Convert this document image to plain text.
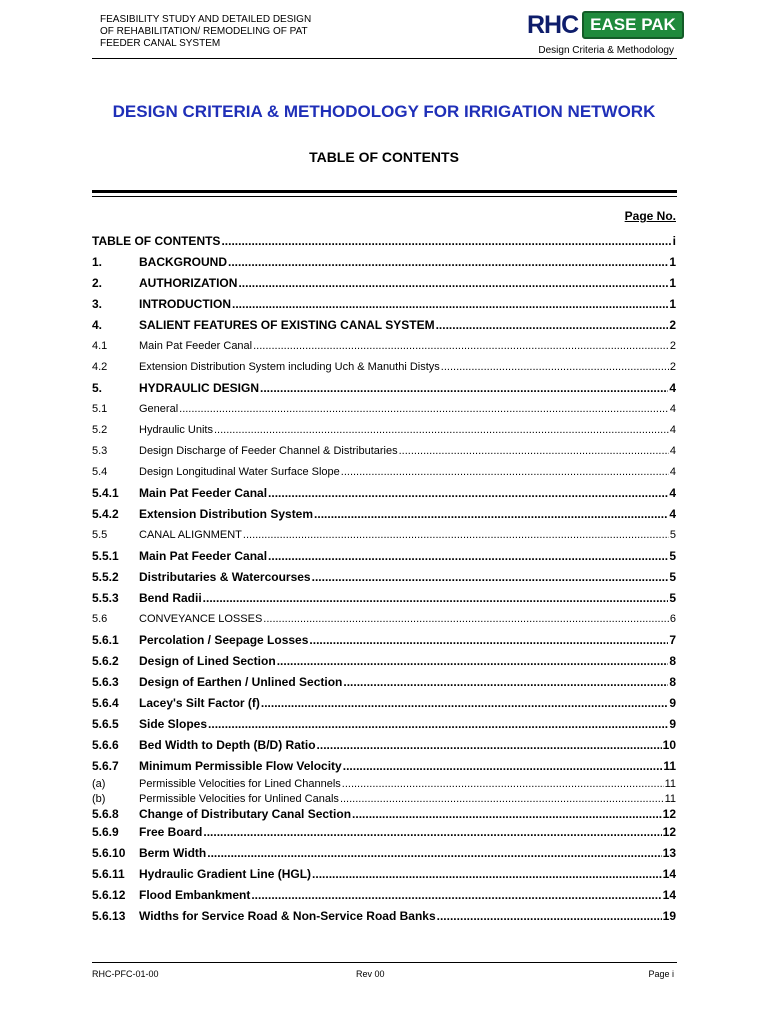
FEASIBILITY STUDY AND DETAILED DESIGN
OF REHABILITATION/ REMODELING OF PAT
FEEDER CANAL SYSTEM
RHC EASE PAK
Design Criteria & Methodology
DESIGN CRITERIA & METHODOLOGY FOR IRRIGATION NETWORK
TABLE OF CONTENTS
Page No.
TABLE OF CONTENTS .....	i
1.	BACKGROUND .....	1
2.	AUTHORIZATION .....	1
3.	INTRODUCTION .....	1
4.	SALIENT FEATURES OF EXISTING CANAL SYSTEM .....	2
4.1	Main Pat Feeder Canal .....	2
4.2	Extension Distribution System including Uch & Manuthi Distys .....	2
5.	HYDRAULIC DESIGN .....	4
5.1	General .....	4
5.2	Hydraulic Units .....	4
5.3	Design Discharge of Feeder Channel & Distributaries .....	4
5.4	Design Longitudinal Water Surface Slope .....	4
5.4.1	Main Pat Feeder Canal .....	4
5.4.2	Extension Distribution System .....	4
5.5	CANAL ALIGNMENT .....	5
5.5.1	Main Pat Feeder Canal .....	5
5.5.2	Distributaries & Watercourses .....	5
5.5.3	Bend Radii .....	5
5.6	CONVEYANCE LOSSES .....	6
5.6.1	Percolation / Seepage Losses .....	7
5.6.2	Design of Lined Section .....	8
5.6.3	Design of Earthen / Unlined Section .....	8
5.6.4	Lacey's Silt Factor (f) .....	9
5.6.5	Side Slopes .....	9
5.6.6	Bed Width to Depth (B/D) Ratio .....	10
5.6.7	Minimum Permissible Flow Velocity .....	11
(a)	Permissible Velocities for Lined Channels .....	11
(b)	Permissible Velocities for Unlined Canals .....	11
5.6.8	Change of Distributary Canal Section .....	12
5.6.9	Free Board .....	12
5.6.10	Berm Width .....	13
5.6.11	Hydraulic Gradient Line (HGL) .....	14
5.6.12	Flood Embankment .....	14
5.6.13	Widths for Service Road & Non-Service Road Banks .....	19
RHC-PFC-01-00	Rev 00	Page i
